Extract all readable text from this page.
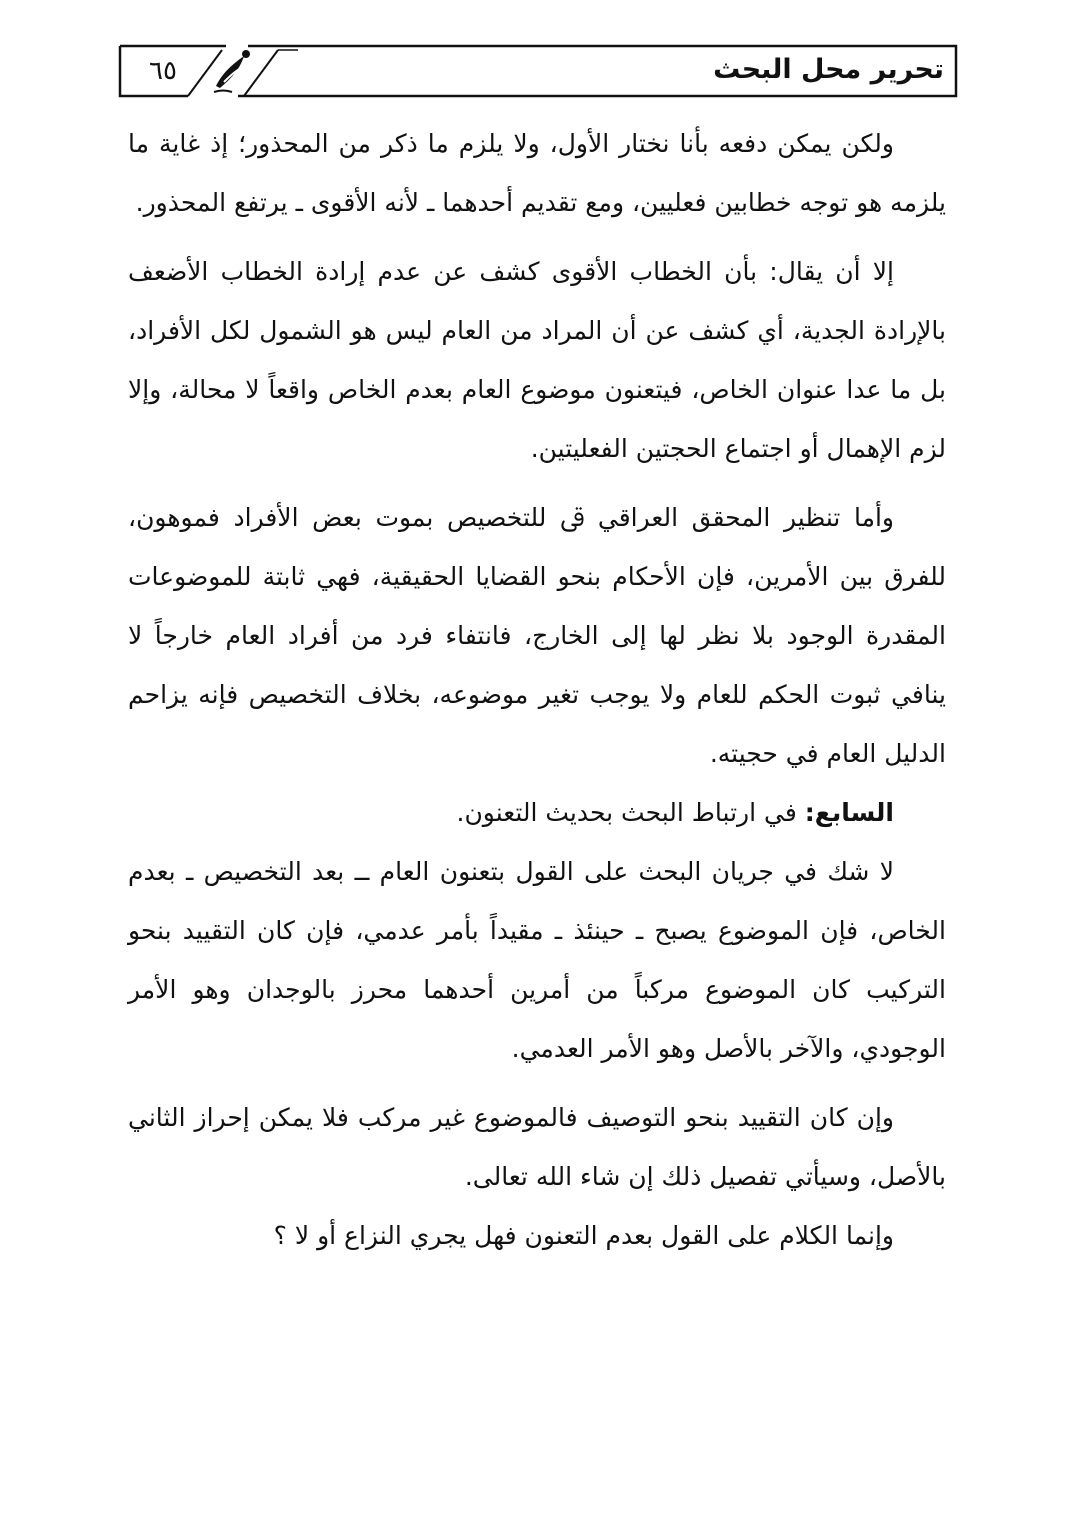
٦٥	تحرير محل البحث

ولكن يمكن دفعه بأنا نختار الأول، ولا يلزم ما ذكر من المحذور؛ إذ غاية ما يلزمه هو توجه خطابين فعليين، ومع تقديم أحدهما ـ لأنه الأقوى ـ يرتفع المحذور.

إلا أن يقال: بأن الخطاب الأقوى كشف عن عدم إرادة الخطاب الأضعف بالإرادة الجدية، أي كشف عن أن المراد من العام ليس هو الشمول لكل الأفراد، بل ما عدا عنوان الخاص، فيتعنون موضوع العام بعدم الخاص واقعاً لا محالة، وإلا لزم الإهمال أو اجتماع الحجتين الفعليتين.

وأما تنظير المحقق العراقي ﰵ للتخصيص بموت بعض الأفراد فموهون، للفرق بين الأمرين، فإن الأحكام بنحو القضايا الحقيقية، فهي ثابتة للموضوعات المقدرة الوجود بلا نظر لها إلى الخارج، فانتفاء فرد من أفراد العام خارجاً لا ينافي ثبوت الحكم للعام ولا يوجب تغير موضوعه، بخلاف التخصيص فإنه يزاحم الدليل العام في حجيته.

السابع: في ارتباط البحث بحديث التعنون.

لا شك في جريان البحث على القول بتعنون العام ــ بعد التخصيص ـ بعدم الخاص، فإن الموضوع يصبح ـ حينئذ ـ مقيداً بأمر عدمي، فإن كان التقييد بنحو التركيب كان الموضوع مركباً من أمرين أحدهما محرز بالوجدان وهو الأمر الوجودي، والآخر بالأصل وهو الأمر العدمي.

وإن كان التقييد بنحو التوصيف فالموضوع غير مركب فلا يمكن إحراز الثاني بالأصل، وسيأتي تفصيل ذلك إن شاء الله تعالى.

وإنما الكلام على القول بعدم التعنون فهل يجري النزاع أو لا ؟
